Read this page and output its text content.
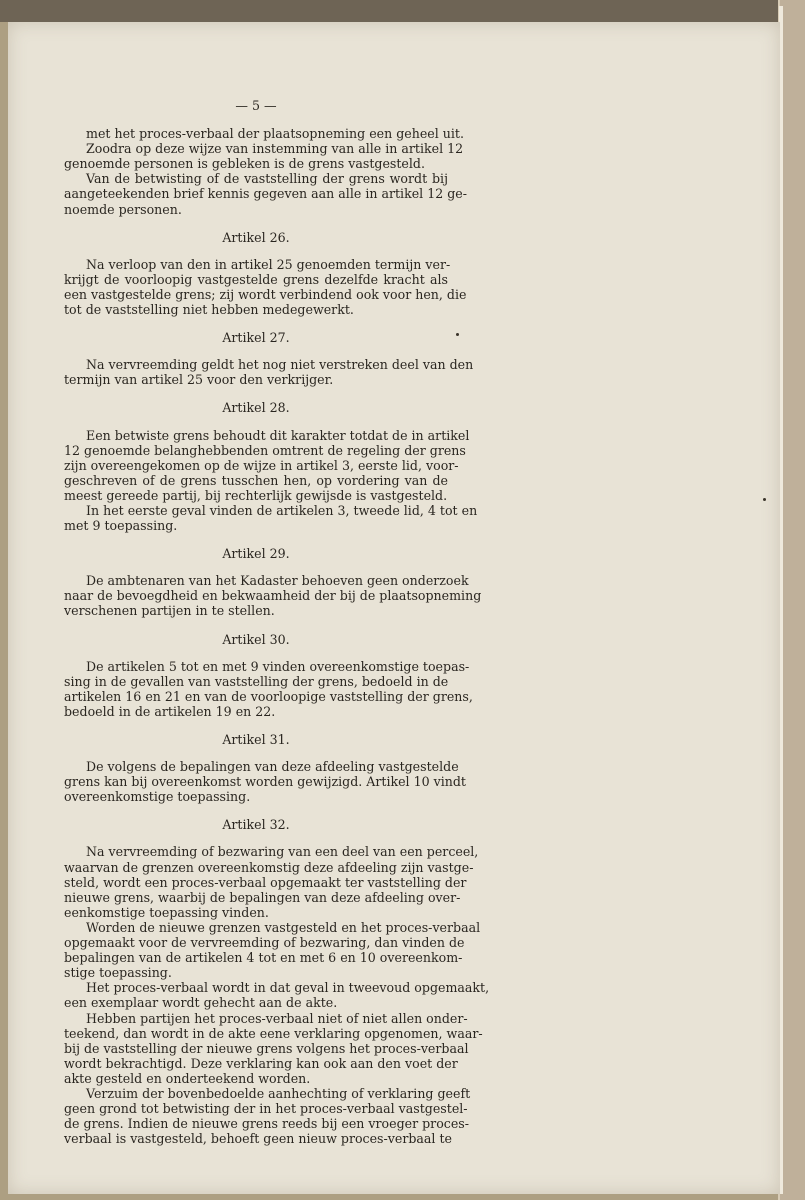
— 5 —

met het proces-verbaal der plaatsopneming een geheel uit.

Zoodra op deze wijze van instemming van alle in artikel 12
genoemde personen is gebleken is de grens vastgesteld.

Van de betwisting of de vaststelling der grens wordt bij
aangeteekenden brief kennis gegeven aan alle in artikel 12 ge-
noemde personen.

Artikel 26.

Na verloop van den in artikel 25 genoemden termijn ver-
krijgt de voorloopig vastgestelde grens dezelfde kracht als
een vastgestelde grens; zij wordt verbindend ook voor hen, die
tot de vaststelling niet hebben medegewerkt.

Artikel 27.

Na vervreemding geldt het nog niet verstreken deel van den
termijn van artikel 25 voor den verkrijger.

Artikel 28.

Een betwiste grens behoudt dit karakter totdat de in artikel
12 genoemde belanghebbenden omtrent de regeling der grens
zijn overeengekomen op de wijze in artikel 3, eerste lid, voor-
geschreven of de grens tusschen hen, op vordering van de
meest gereede partij, bij rechterlijk gewijsde is vastgesteld.

In het eerste geval vinden de artikelen 3, tweede lid, 4 tot en
met 9 toepassing.

Artikel 29.

De ambtenaren van het Kadaster behoeven geen onderzoek
naar de bevoegdheid en bekwaamheid der bij de plaatsopneming
verschenen partijen in te stellen.

Artikel 30.

De artikelen 5 tot en met 9 vinden overeenkomstige toepas-
sing in de gevallen van vaststelling der grens, bedoeld in de
artikelen 16 en 21 en van de voorloopige vaststelling der grens,
bedoeld in de artikelen 19 en 22.

Artikel 31.

De volgens de bepalingen van deze afdeeling vastgestelde
grens kan bij overeenkomst worden gewijzigd. Artikel 10 vindt
overeenkomstige toepassing.

Artikel 32.

Na vervreemding of bezwaring van een deel van een perceel,
waarvan de grenzen overeenkomstig deze afdeeling zijn vastge-
steld, wordt een proces-verbaal opgemaakt ter vaststelling der
nieuwe grens, waarbij de bepalingen van deze afdeeling over-
eenkomstige toepassing vinden.

Worden de nieuwe grenzen vastgesteld en het proces-verbaal
opgemaakt voor de vervreemding of bezwaring, dan vinden de
bepalingen van de artikelen 4 tot en met 6 en 10 overeenkom-
stige toepassing.

Het proces-verbaal wordt in dat geval in tweevoud opgemaakt,
een exemplaar wordt gehecht aan de akte.

Hebben partijen het proces-verbaal niet of niet allen onder-
teekend, dan wordt in de akte eene verklaring opgenomen, waar-
bij de vaststelling der nieuwe grens volgens het proces-verbaal
wordt bekrachtigd. Deze verklaring kan ook aan den voet der
akte gesteld en onderteekend worden.

Verzuim der bovenbedoelde aanhechting of verklaring geeft
geen grond tot betwisting der in het proces-verbaal vastgestel-
de grens. Indien de nieuwe grens reeds bij een vroeger proces-
verbaal is vastgesteld, behoeft geen nieuw proces-verbaal te
